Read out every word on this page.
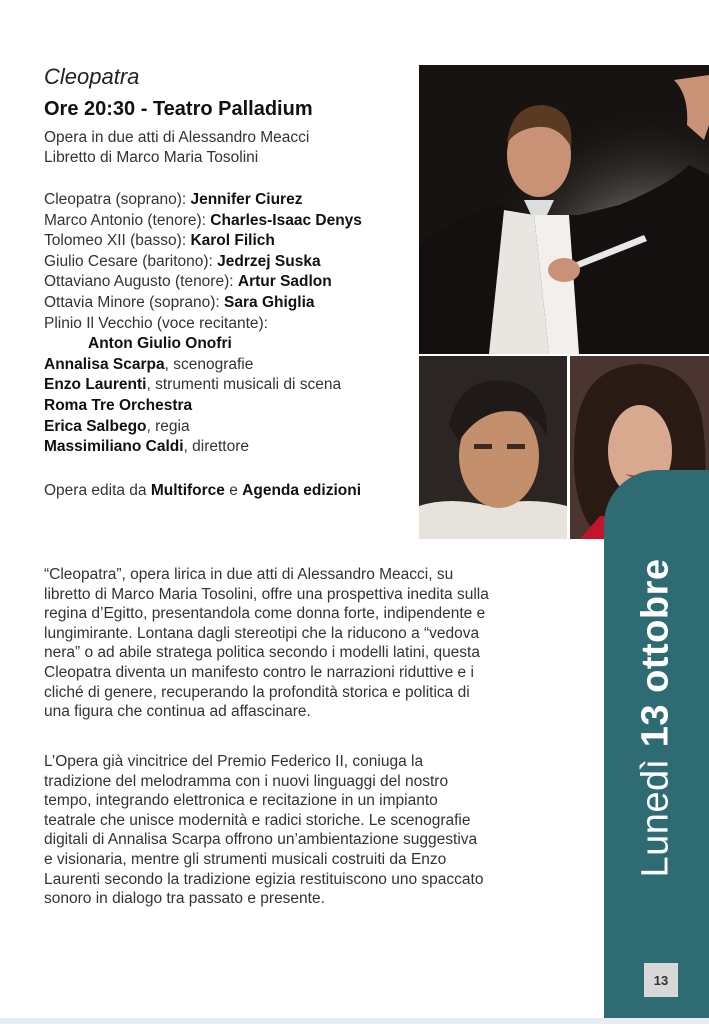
Cleopatra
Ore 20:30 - Teatro Palladium
Opera in due atti di Alessandro Meacci
Libretto di Marco Maria Tosolini
Cleopatra (soprano): Jennifer Ciurez
Marco Antonio (tenore): Charles-Isaac Denys
Tolomeo XII (basso): Karol Filich
Giulio Cesare (baritono): Jedrzej Suska
Ottaviano Augusto (tenore): Artur Sadlon
Ottavia Minore (soprano): Sara Ghiglia
Plinio Il Vecchio (voce recitante):
Anton Giulio Onofri
Annalisa Scarpa, scenografie
Enzo Laurenti, strumenti musicali di scena
Roma Tre Orchestra
Erica Salbego, regia
Massimiliano Caldi, direttore
Opera edita da Multiforce e Agenda edizioni
Lunedì 13 ottobre
13
“Cleopatra”, opera lirica in due atti di Alessandro Meacci, su
libretto di Marco Maria Tosolini, offre una prospettiva inedita sulla
regina d’Egitto, presentandola come donna forte, indipendente e
lungimirante. Lontana dagli stereotipi che la riducono a “vedova
nera” o ad abile stratega politica secondo i modelli latini, questa
Cleopatra diventa un manifesto contro le narrazioni riduttive e i
cliché di genere, recuperando la profondità storica e politica di
una figura che continua ad affascinare.
L’Opera già vincitrice del Premio Federico II, coniuga la
tradizione del melodramma con i nuovi linguaggi del nostro
tempo, integrando elettronica e recitazione in un impianto
teatrale che unisce modernità e radici storiche. Le scenografie
digitali di Annalisa Scarpa offrono un’ambientazione suggestiva
e visionaria, mentre gli strumenti musicali costruiti da Enzo
Laurenti secondo la tradizione egizia restituiscono uno spaccato
sonoro in dialogo tra passato e presente.
